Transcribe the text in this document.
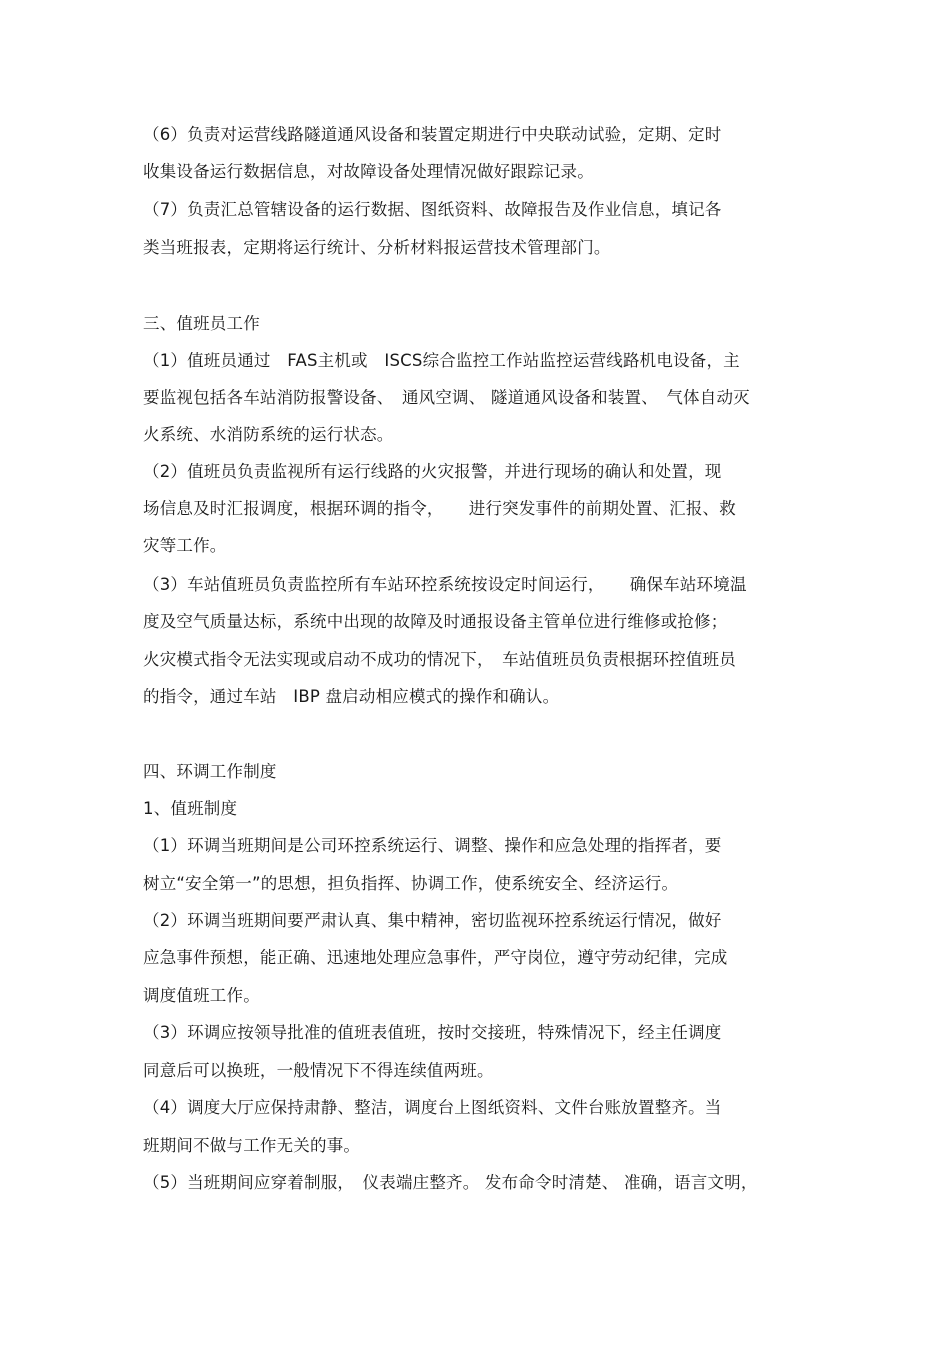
（6）负责对运营线路隧道通风设备和装置定期进行中央联动试验，定期、定时
收集设备运行数据信息，对故障设备处理情况做好跟踪记录。
（7）负责汇总管辖设备的运行数据、图纸资料、故障报告及作业信息，填记各
类当班报表，定期将运行统计、分析材料报运营技术管理部门。
三、值班员工作
（1）值班员通过　FAS主机或　ISCS综合监控工作站监控运营线路机电设备，主
要监视包括各车站消防报警设备、　通风空调、 隧道通风设备和装置、　气体自动灭
火系统、水消防系统的运行状态。
（2）值班员负责监视所有运行线路的火灾报警，并进行现场的确认和处置，现
场信息及时汇报调度，根据环调的指令，　　进行突发事件的前期处置、汇报、救
灾等工作。
（3）车站值班员负责监控所有车站环控系统按设定时间运行，　　确保车站环境温
度及空气质量达标，系统中出现的故障及时通报设备主管单位进行维修或抢修；
火灾模式指令无法实现或启动不成功的情况下，　车站值班员负责根据环控值班员
的指令，通过车站　IBP 盘启动相应模式的操作和确认。
四、环调工作制度
1、值班制度
（1）环调当班期间是公司环控系统运行、调整、操作和应急处理的指挥者，要
树立“安全第一”的思想，担负指挥、协调工作，使系统安全、经济运行。
（2）环调当班期间要严肃认真、集中精神，密切监视环控系统运行情况，做好
应急事件预想，能正确、迅速地处理应急事件，严守岗位，遵守劳动纪律，完成
调度值班工作。
（3）环调应按领导批准的值班表值班，按时交接班，特殊情况下，经主任调度
同意后可以换班，一般情况下不得连续值两班。
（4）调度大厅应保持肃静、整洁，调度台上图纸资料、文件台账放置整齐。当
班期间不做与工作无关的事。
（5）当班期间应穿着制服，　仪表端庄整齐。 发布命令时清楚、 准确，语言文明，
